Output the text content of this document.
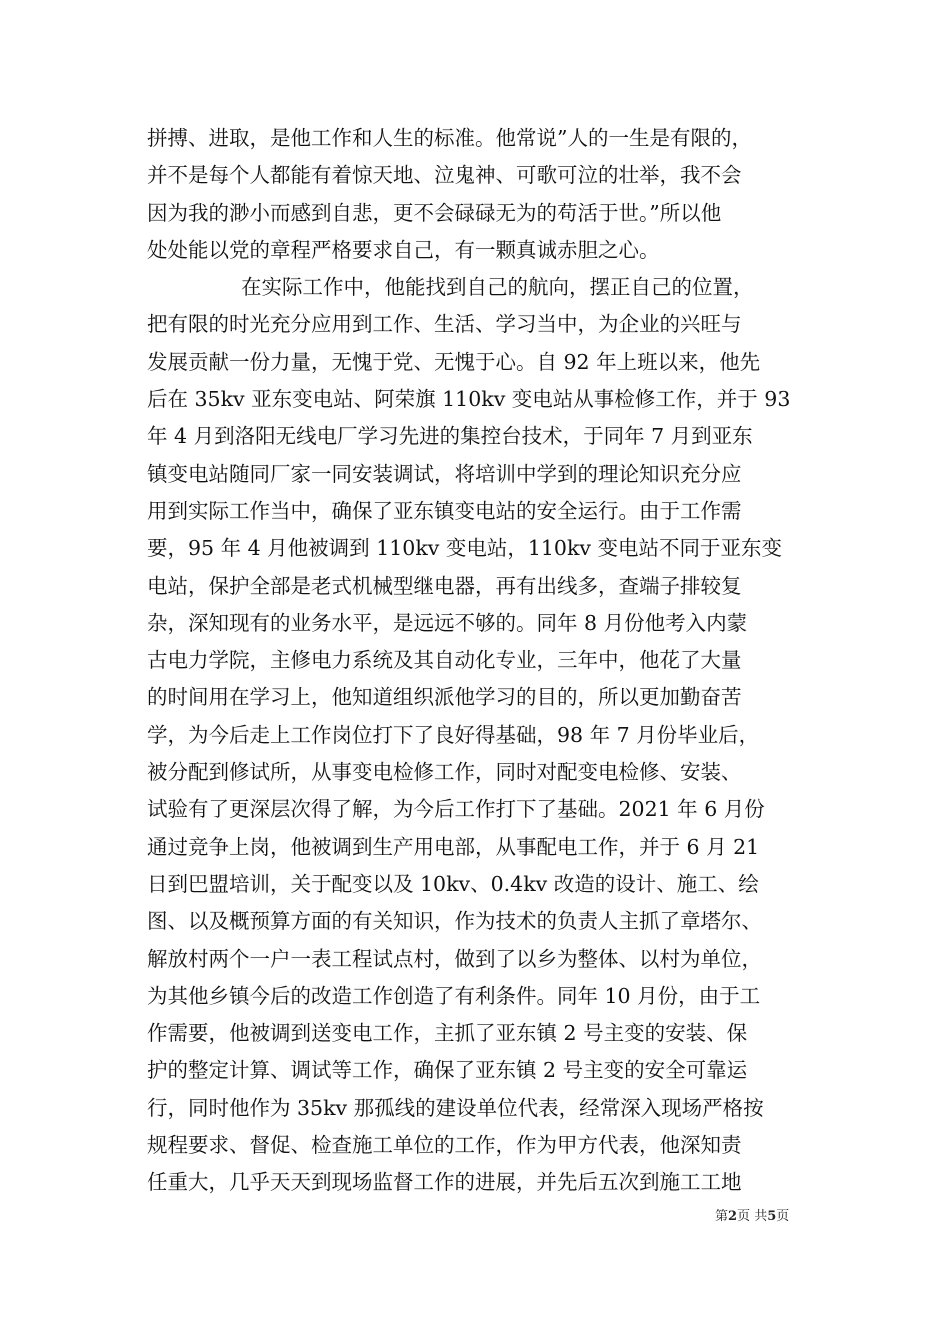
拼搏、进取，是他工作和人生的标准。他常说”人的一生是有限的，
并不是每个人都能有着惊天地、泣鬼神、可歌可泣的壮举，我不会
因为我的渺小而感到自悲，更不会碌碌无为的苟活于世。”所以他
处处能以党的章程严格要求自己，有一颗真诚赤胆之心。
在实际工作中，他能找到自己的航向，摆正自己的位置，
把有限的时光充分应用到工作、生活、学习当中，为企业的兴旺与
发展贡献一份力量，无愧于党、无愧于心。自 92 年上班以来，他先
后在 35kv 亚东变电站、阿荣旗 110kv 变电站从事检修工作，并于 93
年 4 月到洛阳无线电厂学习先进的集控台技术，于同年 7 月到亚东
镇变电站随同厂家一同安装调试，将培训中学到的理论知识充分应
用到实际工作当中，确保了亚东镇变电站的安全运行。由于工作需
要，95 年 4 月他被调到 110kv 变电站，110kv 变电站不同于亚东变
电站，保护全部是老式机械型继电器，再有出线多，查端子排较复
杂，深知现有的业务水平，是远远不够的。同年 8 月份他考入内蒙
古电力学院，主修电力系统及其自动化专业，三年中，他花了大量
的时间用在学习上，他知道组织派他学习的目的，所以更加勤奋苦
学，为今后走上工作岗位打下了良好得基础，98 年 7 月份毕业后，
被分配到修试所，从事变电检修工作，同时对配变电检修、安装、
试验有了更深层次得了解，为今后工作打下了基础。2021 年 6 月份
通过竞争上岗，他被调到生产用电部，从事配电工作，并于 6 月 21
日到巴盟培训，关于配变以及 10kv、0.4kv 改造的设计、施工、绘
图、以及概预算方面的有关知识，作为技术的负责人主抓了章塔尔、
解放村两个一户一表工程试点村，做到了以乡为整体、以村为单位，
为其他乡镇今后的改造工作创造了有利条件。同年 10 月份，由于工
作需要，他被调到送变电工作，主抓了亚东镇 2 号主变的安装、保
护的整定计算、调试等工作，确保了亚东镇 2 号主变的安全可靠运
行，同时他作为 35kv 那孤线的建设单位代表，经常深入现场严格按
规程要求、督促、检查施工单位的工作，作为甲方代表，他深知责
任重大，几乎天天到现场监督工作的进展，并先后五次到施工工地
第2页 共5页
